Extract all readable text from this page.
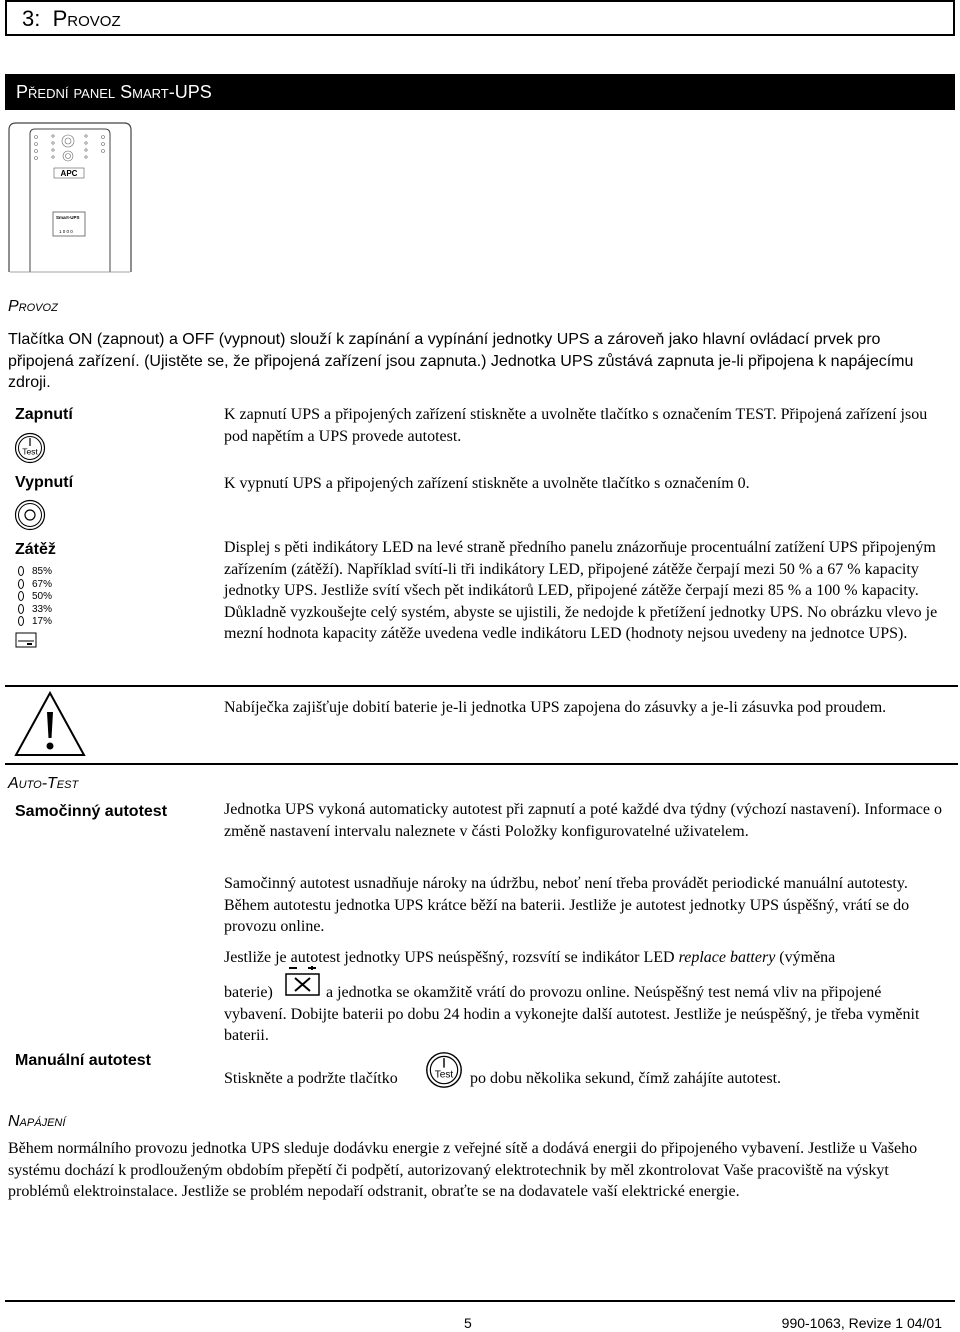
3: Provoz
Přední panel Smart-UPS
APC
Smart-UPS
1 0 0 0
Provoz
Tlačítka ON (zapnout) a OFF (vypnout) slouží k zapínání a vypínání jednotky UPS a zároveň jako hlavní ovládací prvek pro připojená zařízení. (Ujistěte se, že připojená zařízení jsou zapnuta.) Jednotka UPS zůstává zapnuta je-li připojena k napájecímu zdroji.
Zapnutí
Test
K zapnutí UPS a připojených zařízení stiskněte a uvolněte tlačítko s označením TEST. Připojená zařízení jsou pod napětím a UPS provede autotest.
Vypnutí	K vypnutí UPS a připojených zařízení stiskněte a uvolněte tlačítko s označením 0.
Zátěž
85%
67%
50%
33%
17%
Displej s pěti indikátory LED na levé straně předního panelu znázorňuje procentuální zatížení UPS připojeným zařízením (zátěží). Například svítí-li tři indikátory LED, připojené zátěže čerpají mezi 50 % a 67 % kapacity jednotky UPS. Jestliže svítí všech pět indikátorů LED, připojené zátěže čerpají mezi 85 % a 100 % kapacity. Důkladně vyzkoušejte celý systém, abyste se ujistili, že nedojde k přetížení jednotky UPS. No obrázku vlevo je mezní hodnota kapacity zátěže uvedena vedle indikátoru LED (hodnoty nejsou uvedeny na jednotce UPS).
Nabíječka zajišťuje dobití baterie je-li jednotka UPS zapojena do zásuvky a je-li zásuvka pod proudem.
Auto-Test
Samočinný autotest	Jednotka UPS vykoná automaticky autotest při zapnutí a poté každé dva týdny (výchozí nastavení). Informace o změně nastavení intervalu naleznete v části Položky konfigurovatelné uživatelem.
Samočinný autotest usnadňuje nároky na údržbu, neboť není třeba provádět periodické manuální autotesty. Během autotestu jednotka UPS krátce běží na baterii. Jestliže je autotest jednotky UPS úspěšný, vrátí se do provozu online.
Jestliže je autotest jednotky UPS neúspěšný, rozsvítí se indikátor LED replace battery (výměna
baterie)	a jednotka se okamžitě vrátí do provozu online. Neúspěšný test nemá vliv na připojené vybavení. Dobijte baterii po dobu 24 hodin a vykonejte další autotest. Jestliže je neúspěšný, je třeba vyměnit baterii.
Manuální autotest
Stiskněte a podržte tlačítko	Test po dobu několika sekund, čímž zahájíte autotest.
Napájení
Během normálního provozu jednotka UPS sleduje dodávku energie z veřejné sítě a dodává energii do připojeného vybavení. Jestliže u Vašeho systému dochází k prodlouženým obdobím přepětí či podpětí, autorizovaný elektrotechnik by měl zkontrolovat Vaše pracoviště na výskyt problémů elektroinstalace. Jestliže se problém nepodaří odstranit, obraťte se na dodavatele vaší elektrické energie.
5	990-1063, Revize 1 04/01
